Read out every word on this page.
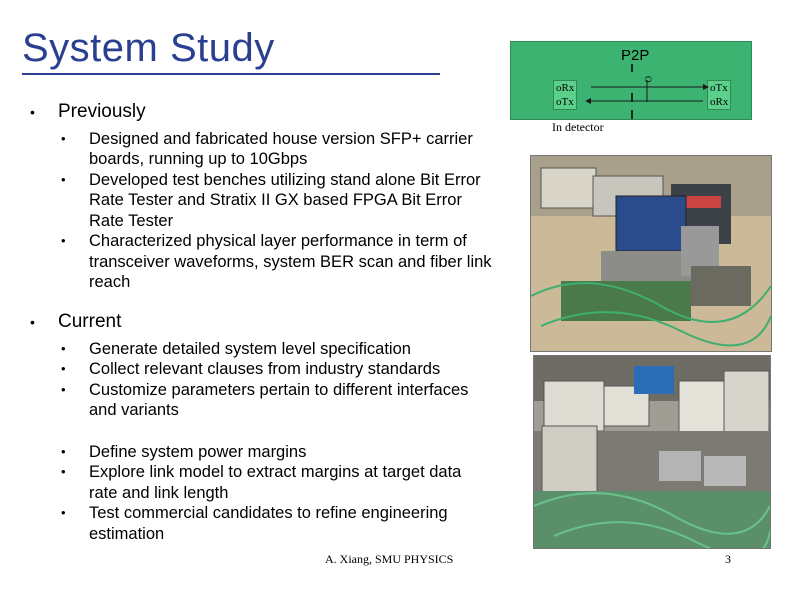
System Study
• Previously
• Designed and fabricated house version SFP+ carrier boards, running up to 10Gbps
• Developed test benches utilizing stand alone Bit Error Rate Tester and Stratix II GX based FPGA Bit Error Rate Tester
• Characterized physical layer performance in term of transceiver waveforms, system BER scan and fiber link reach
• Current
• Generate detailed system level specification
• Collect relevant clauses from industry standards
• Customize parameters pertain to different interfaces and variants
• Define system power margins
• Explore link model to extract margins at target data rate and link length
• Test commercial candidates to refine engineering estimation
P2P
oRx
oTx
oTx
oRx
O
In detector
A. Xiang, SMU PHYSICS	3
